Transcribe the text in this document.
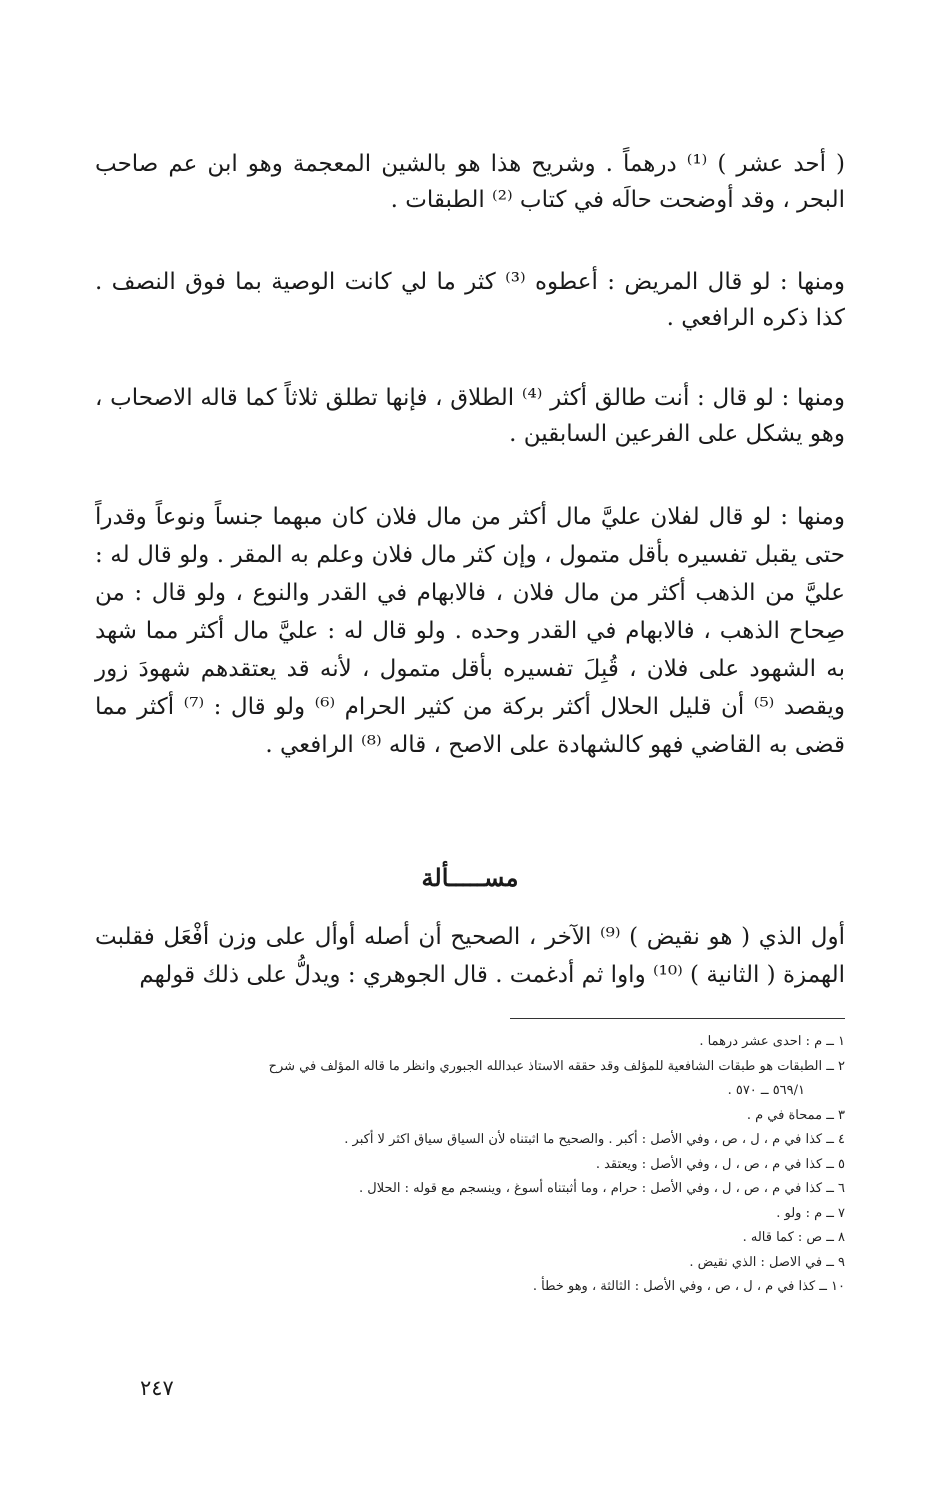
( أحد عشر ) ⁽¹⁾ درهماً . وشريح هذا هو بالشين المعجمة وهو ابن عم صاحب البحر ، وقد أوضحت حالَه في كتاب ⁽²⁾ الطبقات .
ومنها : لو قال المريض : أعطوه ⁽³⁾ كثر ما لي كانت الوصية بما فوق النصف . كذا ذكره الرافعي .
ومنها : لو قال : أنت طالق أكثر ⁽⁴⁾ الطلاق ، فإنها تطلق ثلاثاً كما قاله الاصحاب ، وهو يشكل على الفرعين السابقين .
ومنها : لو قال لفلان عليَّ مال أكثر من مال فلان كان مبهما جنساً ونوعاً وقدراً حتى يقبل تفسيره بأقل متمول ، وإن كثر مال فلان وعلم به المقر . ولو قال له : عليَّ من الذهب أكثر من مال فلان ، فالابهام في القدر والنوع ، ولو قال : من صِحاح الذهب ، فالابهام في القدر وحده . ولو قال له : عليَّ مال أكثر مما شهد به الشهود على فلان ، قُبِلَ تفسيره بأقل متمول ، لأنه قد يعتقدهم شهودَ زور ويقصد ⁽⁵⁾ أن قليل الحلال أكثر بركة من كثير الحرام ⁽⁶⁾ ولو قال : ⁽⁷⁾ أكثر مما قضى به القاضي فهو كالشهادة على الاصح ، قاله ⁽⁸⁾ الرافعي .
مســـــألة
أول الذي ( هو نقيض ) ⁽⁹⁾ الآخر ، الصحيح أن أصله أوأل على وزن أفْعَل فقلبت الهمزة ( الثانية ) ⁽¹⁰⁾ واوا ثم أدغمت . قال الجوهري : ويدلُّ على ذلك قولهم
١ ــ م : احدى عشر درهما .
٢ ــ الطبقات هو طبقات الشافعية للمؤلف وقد حققه الاستاذ عبدالله الجبوري وانظر ما قاله المؤلف في شرح
٥٦٩/١ ــ ٥٧٠ .
٣ ــ ممحاة في م .
٤ ــ كذا في م ، ل ، ص ، وفي الأصل : أكبر . والصحيح ما اثبتناه لأن السياق سياق اكثر لا أكبر .
٥ ــ كذا في م ، ص ، ل ، وفي الأصل : ويعتقد .
٦ ــ كذا في م ، ص ، ل ، وفي الأصل : حرام ، وما أثبتناه أسوغ ، وينسجم مع قوله : الحلال .
٧ ــ م : ولو .
٨ ــ ص : كما قاله .
٩ ــ في الاصل : الذي نقيض .
١٠ ــ كذا في م ، ل ، ص ، وفي الأصل : الثالثة ، وهو خطأ .
٢٤٧
